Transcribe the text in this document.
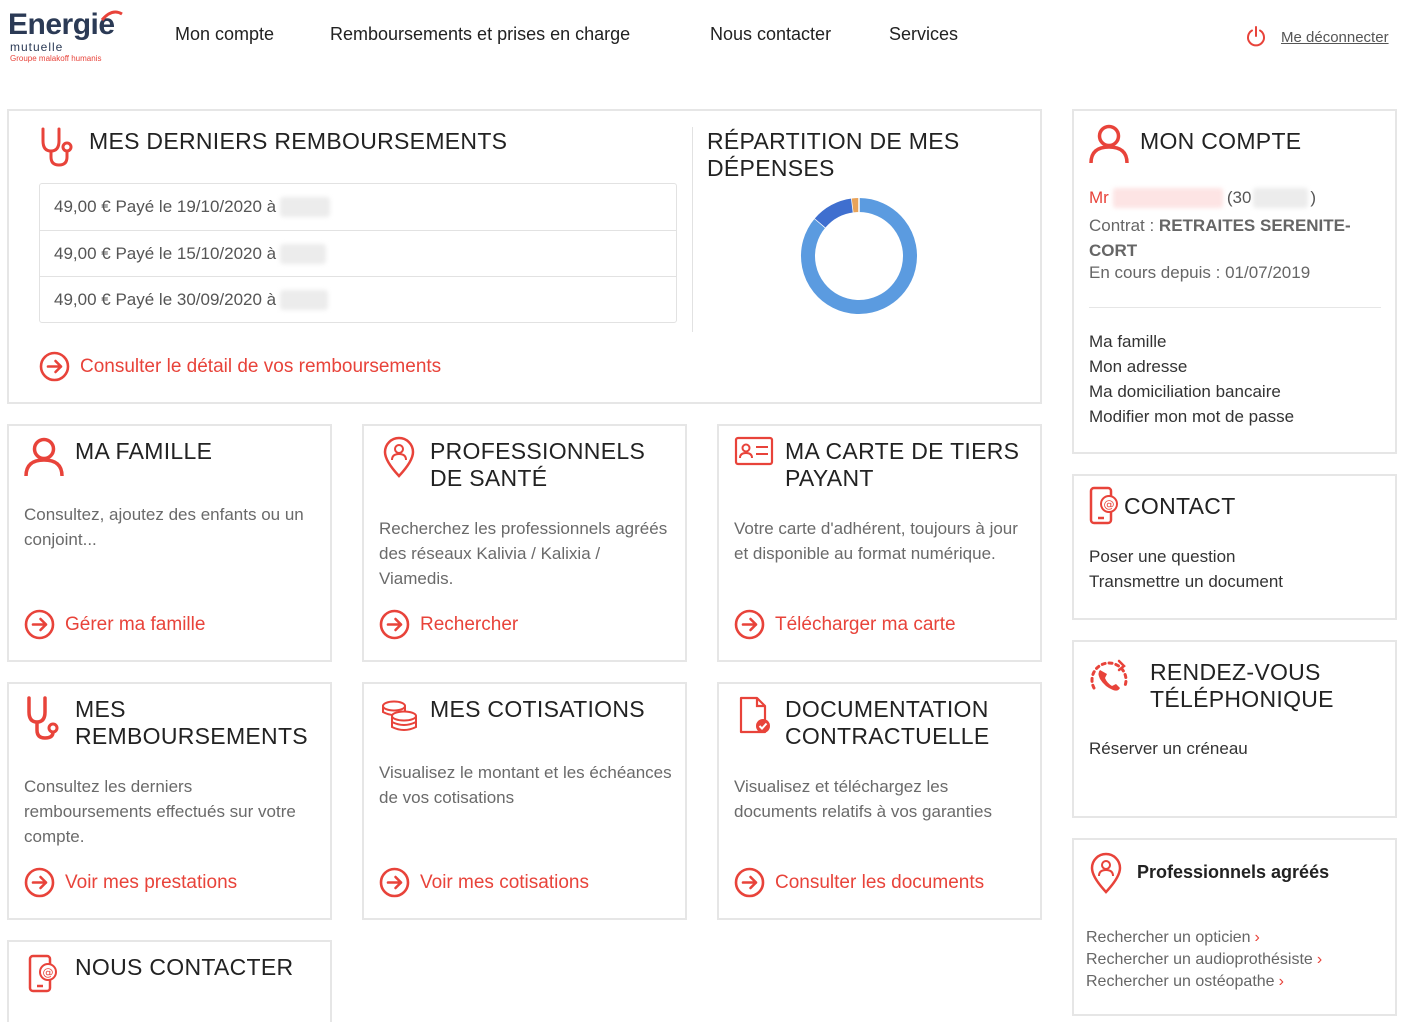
Energie
mutuelle
Groupe malakoff humanis
Mon compte	Remboursements et prises en charge	Nous contacter	Services	Me déconnecter
MES DERNIERS REMBOURSEMENTS
49,00 € Payé le 19/10/2020 à
49,00 € Payé le 15/10/2020 à
49,00 € Payé le 30/09/2020 à
Consulter le détail de vos remboursements
RÉPARTITION DE MES DÉPENSES
MON COMPTE
Mr	(30	)
Contrat : RETRAITES SERENITE-CORT
En cours depuis : 01/07/2019
Ma famille
Mon adresse
Ma domiciliation bancaire
Modifier mon mot de passe
@ CONTACT
Poser une question
Transmettre un document
RENDEZ-VOUS TÉLÉPHONIQUE
Réserver un créneau
Professionnels agréés
Rechercher un opticien ›
Rechercher un audioprothésiste ›
Rechercher un ostéopathe ›
MA FAMILLE
Consultez, ajoutez des enfants ou un conjoint...
Gérer ma famille
PROFESSIONNELS DE SANTÉ
Recherchez les professionnels agréés des réseaux Kalivia / Kalixia / Viamedis.
Rechercher
MA CARTE DE TIERS PAYANT
Votre carte d'adhérent, toujours à jour et disponible au format numérique.
Télécharger ma carte
MES REMBOURSEMENTS
Consultez les derniers remboursements effectués sur votre compte.
Voir mes prestations
MES COTISATIONS
Visualisez le montant et les échéances de vos cotisations
Voir mes cotisations
DOCUMENTATION CONTRACTUELLE
Visualisez et téléchargez les documents relatifs à vos garanties
Consulter les documents
@ NOUS CONTACTER
